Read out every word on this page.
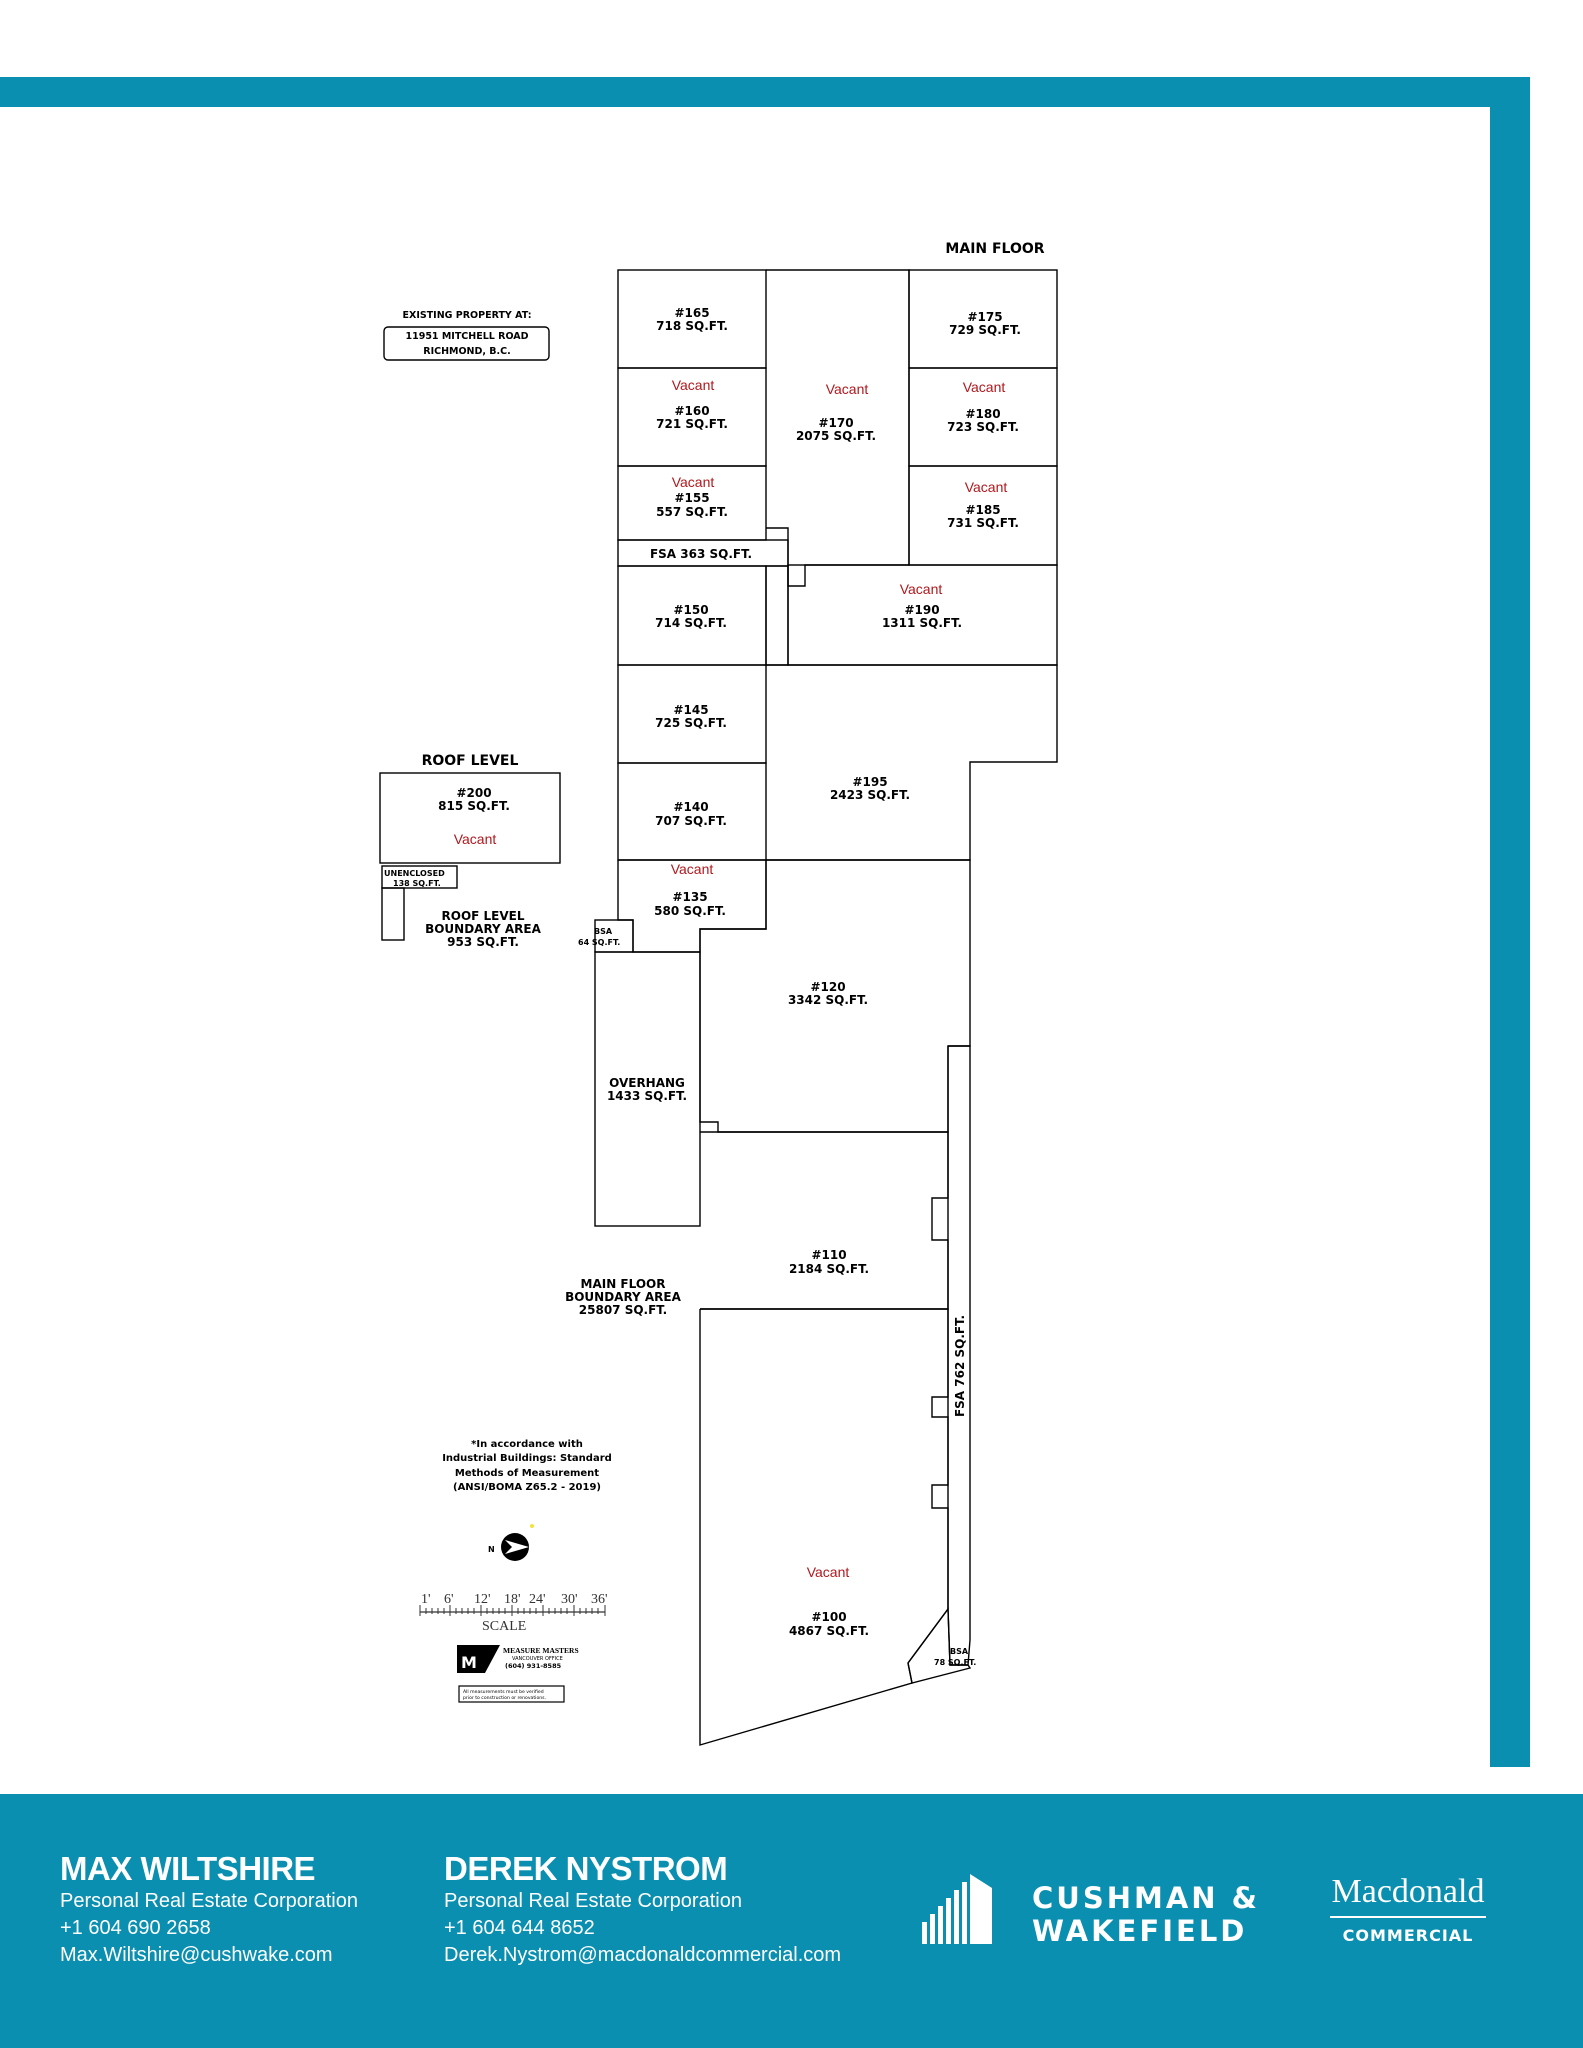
MAIN FLOOR
EXISTING PROPERTY AT:
11951 MITCHELL ROAD
RICHMOND, B.C.
ROOF LEVEL
#165
718 SQ.FT.
#175
729 SQ.FT.
Vacant
#160
721 SQ.FT.
Vacant
#170
2075 SQ.FT.
Vacant
#180
723 SQ.FT.
Vacant
#155
557 SQ.FT.
Vacant
#185
731 SQ.FT.
FSA 363 SQ.FT.
#150
714 SQ.FT.
Vacant
#190
1311 SQ.FT.
#145
725 SQ.FT.
#195
2423 SQ.FT.
#140
707 SQ.FT.
Vacant
#135
580 SQ.FT.
BSA
64 SQ.FT.
#120
3342 SQ.FT.
OVERHANG
1433 SQ.FT.
#110
2184 SQ.FT.
FSA 762 SQ.FT.
MAIN FLOOR
BOUNDARY AREA
25807 SQ.FT.
Vacant
#100
4867 SQ.FT.
BSA
78 SQ.FT.
#200
815 SQ.FT.
Vacant
UNENCLOSED
138 SQ.FT.
ROOF LEVEL
BOUNDARY AREA
953 SQ.FT.
*In accordance with
Industrial Buildings: Standard
Methods of Measurement
(ANSI/BOMA Z65.2 - 2019)
N
1' 6' 12' 18' 24' 30' 36'
SCALE
M
MEASURE MASTERS
VANCOUVER OFFICE
(604) 931-8585
All measurements must be verified
prior to construction or renovations.
MAX WILTSHIRE
Personal Real Estate Corporation
+1 604 690 2658
Max.Wiltshire@cushwake.com
DEREK NYSTROM
Personal Real Estate Corporation
+1 604 644 8652
Derek.Nystrom@macdonaldcommercial.com
CUSHMAN &
WAKEFIELD
Macdonald
COMMERCIAL
